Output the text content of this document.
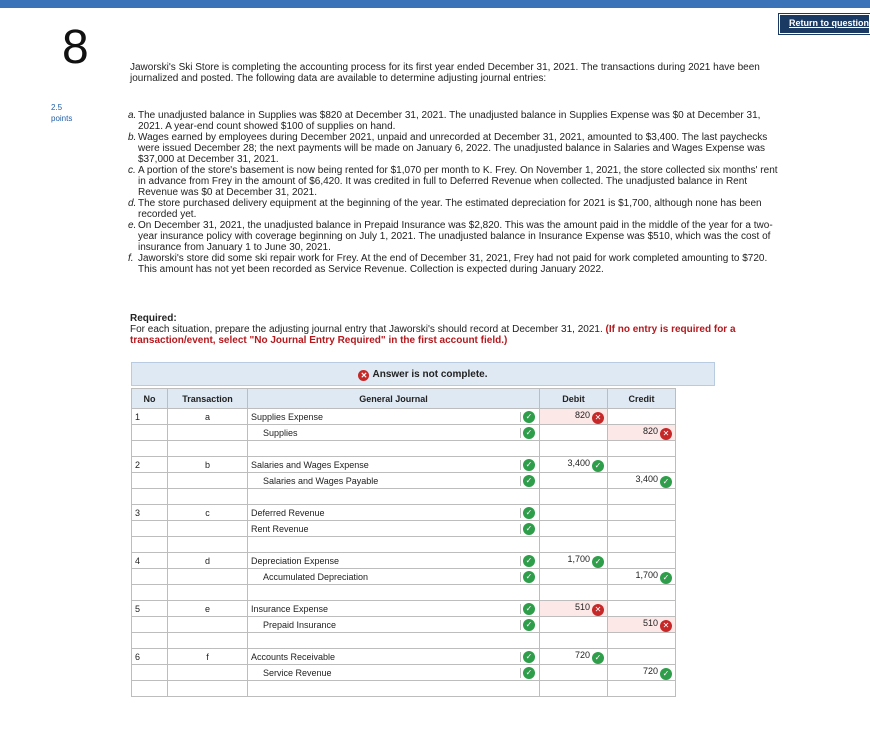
Return to question
8
2.5
points
Jaworski's Ski Store is completing the accounting process for its first year ended December 31, 2021. The transactions during 2021 have been journalized and posted. The following data are available to determine adjusting journal entries:
a. The unadjusted balance in Supplies was $820 at December 31, 2021. The unadjusted balance in Supplies Expense was $0 at December 31, 2021. A year-end count showed $100 of supplies on hand.
b. Wages earned by employees during December 2021, unpaid and unrecorded at December 31, 2021, amounted to $3,400. The last paychecks were issued December 28; the next payments will be made on January 6, 2022. The unadjusted balance in Salaries and Wages Expense was $37,000 at December 31, 2021.
c. A portion of the store's basement is now being rented for $1,070 per month to K. Frey. On November 1, 2021, the store collected six months' rent in advance from Frey in the amount of $6,420. It was credited in full to Deferred Revenue when collected. The unadjusted balance in Rent Revenue was $0 at December 31, 2021.
d. The store purchased delivery equipment at the beginning of the year. The estimated depreciation for 2021 is $1,700, although none has been recorded yet.
e. On December 31, 2021, the unadjusted balance in Prepaid Insurance was $2,820. This was the amount paid in the middle of the year for a two-year insurance policy with coverage beginning on July 1, 2021. The unadjusted balance in Insurance Expense was $510, which was the cost of insurance from January 1 to June 30, 2021.
f. Jaworski's store did some ski repair work for Frey. At the end of December 31, 2021, Frey had not paid for work completed amounting to $720. This amount has not yet been recorded as Service Revenue. Collection is expected during January 2022.
Required:
For each situation, prepare the adjusting journal entry that Jaworski's should record at December 31, 2021. (If no entry is required for a transaction/event, select "No Journal Entry Required" in the first account field.)
✕ Answer is not complete.
No	Transaction	General Journal	Debit	Credit
1	a	Supplies Expense ✓	820 ✕	
		Supplies ✓		820 ✕

2	b	Salaries and Wages Expense ✓	3,400 ✓	
		Salaries and Wages Payable ✓		3,400 ✓

3	c	Deferred Revenue ✓		

		Rent Revenue ✓		

4	d	Depreciation Expense ✓	1,700 ✓	
		Accumulated Depreciation ✓		1,700 ✓

5	e	Insurance Expense ✓	510 ✕	
		Prepaid Insurance ✓		510 ✕

6	f	Accounts Receivable ✓	720 ✓	
		Service Revenue ✓		720 ✓
